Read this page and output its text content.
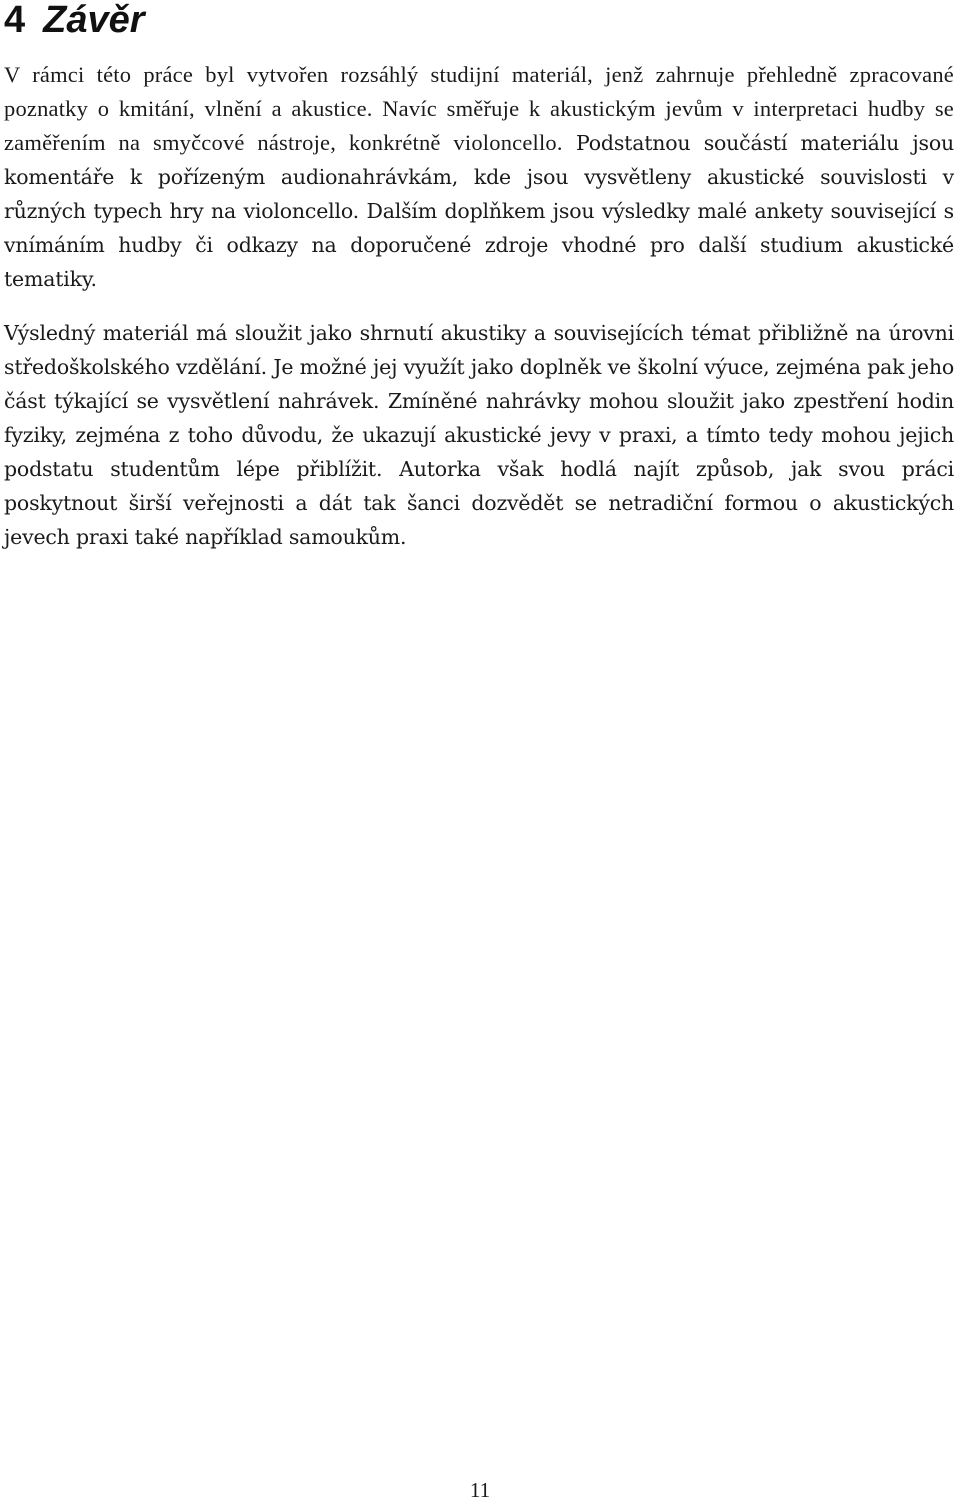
4 Závěr

V rámci této práce byl vytvořen rozsáhlý studijní materiál, jenž zahrnuje přehledně zpracované poznatky o kmitání, vlnění a akustice. Navíc směřuje k akustickým jevům v interpretaci hudby se zaměřením na smyčcové nástroje, konkrétně violoncello. Podstatnou součástí materiálu jsou komentáře k pořízeným audionahrávkám, kde jsou vysvětleny akustické souvislosti v různých typech hry na violoncello. Dalším doplňkem jsou výsledky malé ankety související s vnímáním hudby či odkazy na doporučené zdroje vhodné pro další studium akustické tematiky.

Výsledný materiál má sloužit jako shrnutí akustiky a souvisejících témat přibližně na úrovni středoškolského vzdělání. Je možné jej využít jako doplněk ve školní výuce, zejména pak jeho část týkající se vysvětlení nahrávek. Zmíněné nahrávky mohou sloužit jako zpestření hodin fyziky, zejména z toho důvodu, že ukazují akustické jevy v praxi, a tímto tedy mohou jejich podstatu studentům lépe přiblížit. Autorka však hodlá najít způsob, jak svou práci poskytnout širší veřejnosti a dát tak šanci dozvědět se netradiční formou o akustických jevech praxi také například samoukům.

11
